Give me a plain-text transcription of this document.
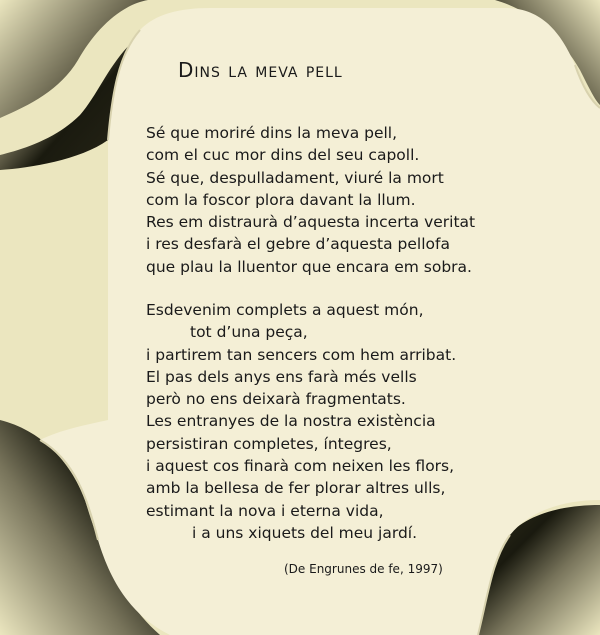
Dins la meva pell

Sé que moriré dins la meva pell,
com el cuc mor dins del seu capoll.
Sé que, despulladament, viuré la mort
com la foscor plora davant la llum.
Res em distraurà d’aquesta incerta veritat
i res desfarà el gebre d’aquesta pellofa
que plau la lluentor que encara em sobra.

Esdevenim complets a aquest món,
tot d’una peça,
i partirem tan sencers com hem arribat.
El pas dels anys ens farà més vells
però no ens deixarà fragmentats.
Les entranyes de la nostra existència
persistiran completes, íntegres,
i aquest cos finarà com neixen les flors,
amb la bellesa de fer plorar altres ulls,
estimant la nova i eterna vida,
i a uns xiquets del meu jardí.

(De Engrunes de fe, 1997)
